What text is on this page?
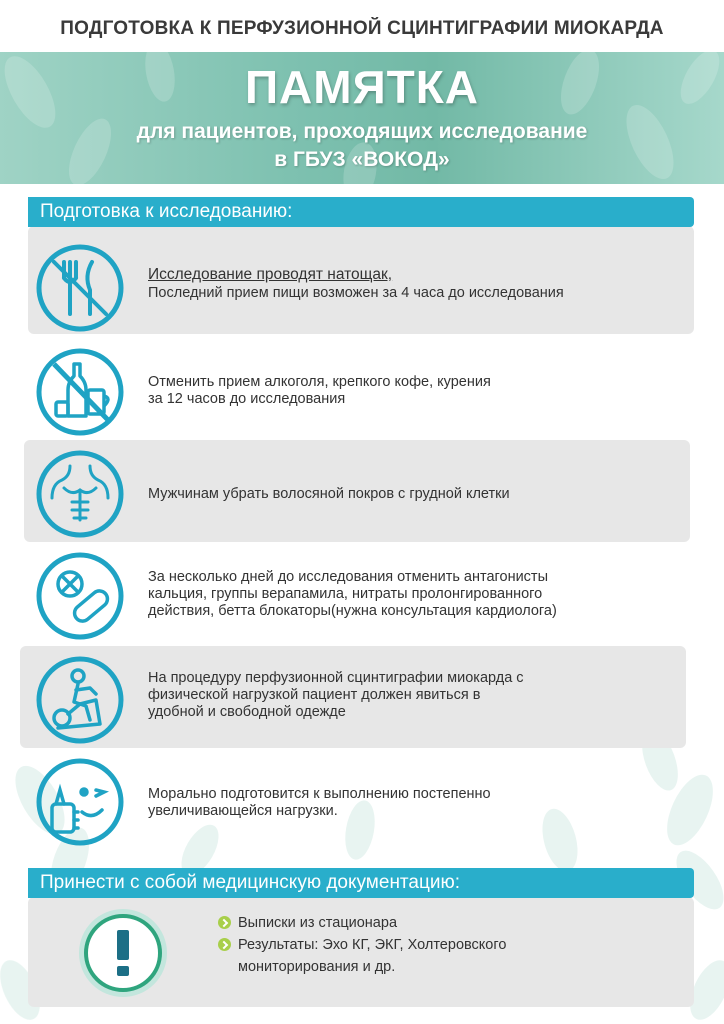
ПОДГОТОВКА К ПЕРФУЗИОННОЙ СЦИНТИГРАФИИ МИОКАРДА
ПАМЯТКА
для пациентов, проходящих исследование
в ГБУЗ «ВОКОД»
Подготовка к исследованию:
Исследование проводят натощак,
Последний прием пищи возможен за 4 часа до исследования
Отменить прием алкоголя, крепкого кофе, курения
за 12 часов до исследования
Мужчинам убрать волосяной покров с грудной клетки
За несколько дней до исследования отменить антагонисты
кальция, группы верапамила, нитраты пролонгированного
действия, бетта блокаторы(нужна консультация кардиолога)
На процедуру перфузионной сцинтиграфии миокарда с
физической нагрузкой пациент должен явиться в
удобной и свободной одежде
Морально подготовится к выполнению постепенно
увеличивающейся нагрузки.
Принести с собой медицинскую документацию:
Выписки из стационара
Результаты: Эхо КГ, ЭКГ, Холтеровского
мониторирования и др.
